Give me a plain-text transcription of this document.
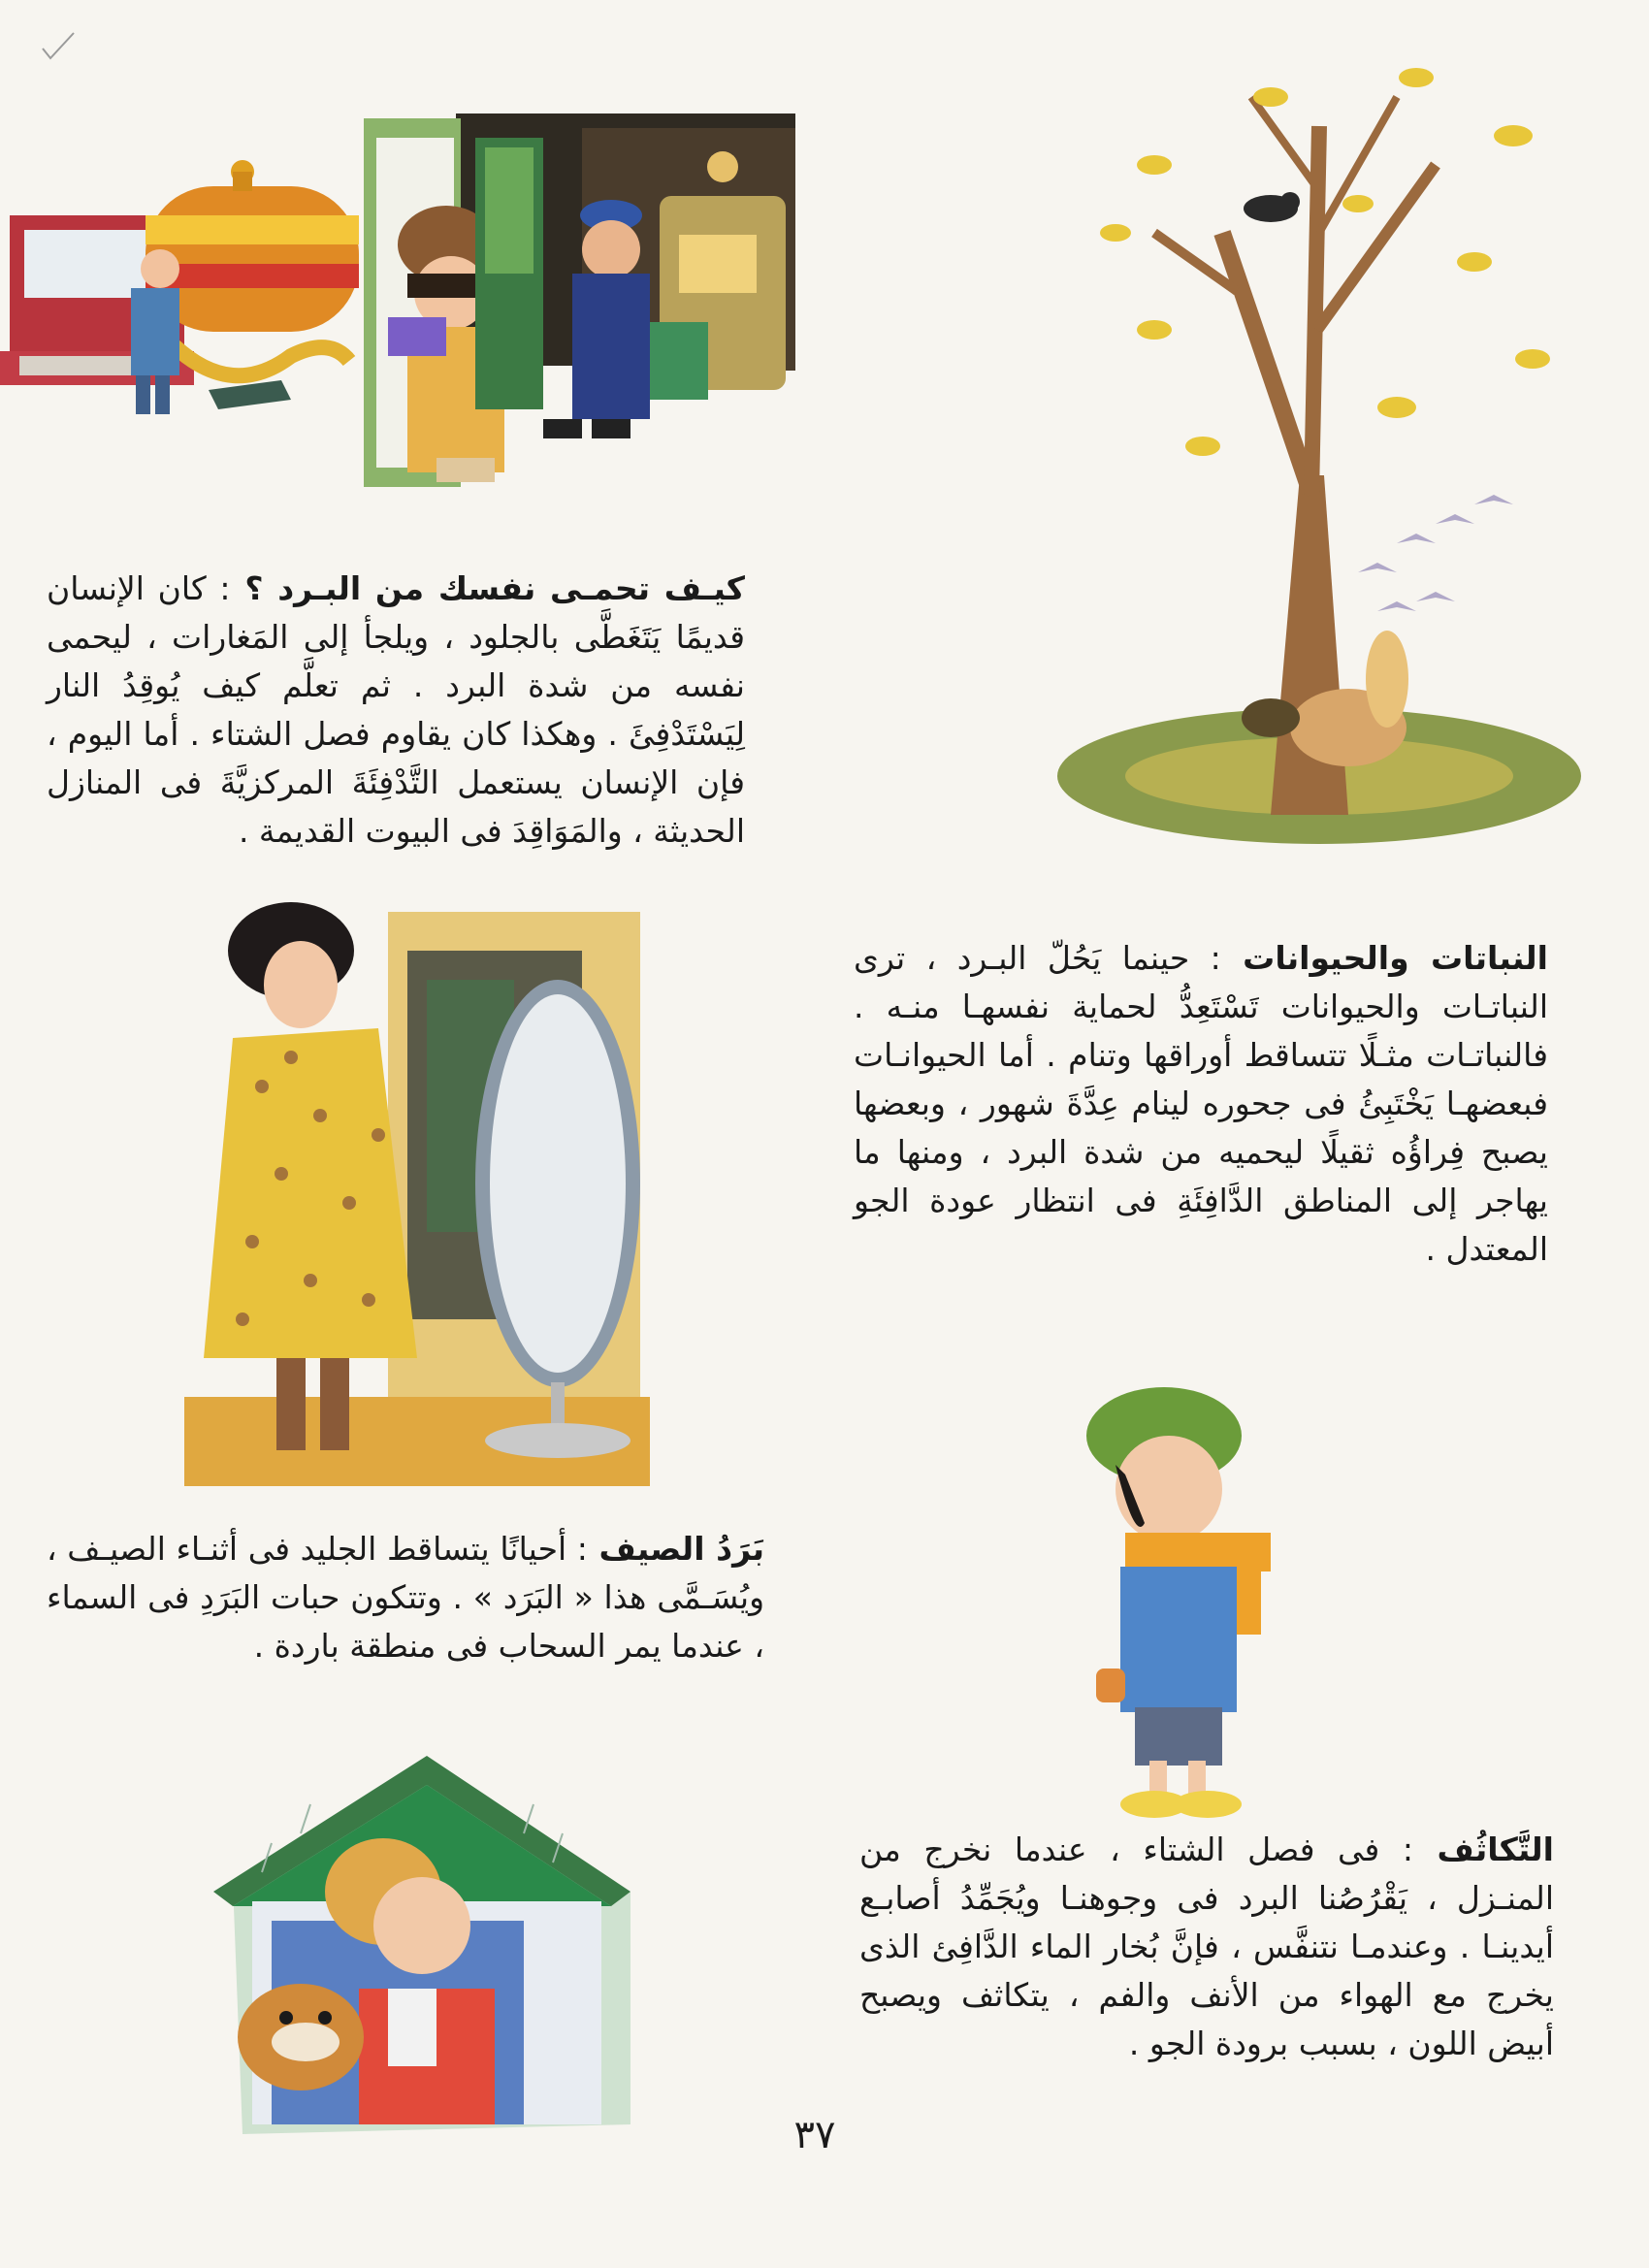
كيـف تحمـى نفسك من البـرد ؟ : كان الإنسان قديمًا يَتَغَطَّى بالجلود ، ويلجأ إلى المَغارات ، ليحمى نفسه من شدة البرد . ثم تعلَّم كيف يُوقِدُ النار لِيَسْتَدْفِئَ . وهكذا كان يقاوم فصل الشتاء . أما اليوم ، فإن الإنسان يستعمل التَّدْفِئَةَ المركزيَّةَ فى المنازل الحديثة ، والمَوَاقِدَ فى البيوت القديمة .
النباتات والحيوانات : حينما يَحُلّ البـرد ، ترى النباتـات والحيوانات تَسْتَعِدُّ لحماية نفسهـا منـه . فالنباتـات مثـلًا تتساقط أوراقها وتنام . أما الحيوانـات فبعضهـا يَخْتَبِئُ فى جحوره لينام عِدَّةَ شهور ، وبعضها يصبح فِراؤُه ثقيلًا ليحميه من شدة البرد ، ومنها ما يهاجر إلى المناطق الدَّافِئَةِ فى انتظار عودة الجو المعتدل .
بَرَدُ الصيف : أحيانًا يتساقط الجليد فى أثنـاء الصيـف ، ويُسَـمَّى هذا « البَرَد » . وتتكون حبات البَرَدِ فى السماء ، عندما يمر السحاب فى منطقة باردة .
التَّكاثُف : فى فصل الشتاء ، عندما نخرج من المنـزل ، يَقْرُصُنا البرد فى وجوهنـا ويُجَمِّدُ أصابـع أيدينـا . وعندمـا نتنفَّس ، فإنَّ بُخار الماء الدَّافِئ الذى يخرج مع الهواء من الأنف والفم ، يتكاثف ويصبح أبيض اللون ، بسبب برودة الجو .
٣٧
